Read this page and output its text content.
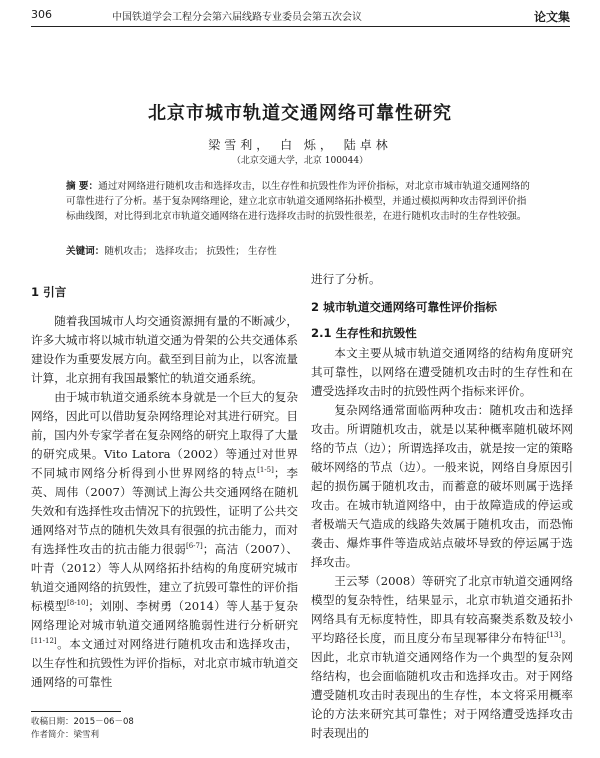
306	中国铁道学会工程分会第六届线路专业委员会第五次会议	论文集
北京市城市轨道交通网络可靠性研究
梁雪利， 白 烁， 陆卓林
（北京交通大学，北京 100044）
摘 要：通过对网络进行随机攻击和选择攻击，以生存性和抗毁性作为评价指标，对北京市城市轨道交通网络的可靠性进行了分析。基于复杂网络理论，建立北京市轨道交通网络拓扑模型，并通过模拟两种攻击得到评价指标曲线图，对比得到北京市轨道交通网络在进行选择攻击时的抗毁性很差，在进行随机攻击时的生存性较强。
关键词：随机攻击； 选择攻击； 抗毁性； 生存性

1 引言

随着我国城市人均交通资源拥有量的不断减少，许多大城市将以城市轨道交通为骨架的公共交通体系建设作为重要发展方向。截至到目前为止，以客流量计算，北京拥有我国最繁忙的轨道交通系统。

由于城市轨道交通系统本身就是一个巨大的复杂网络，因此可以借助复杂网络理论对其进行研究。目前，国内外专家学者在复杂网络的研究上取得了大量的研究成果。Vito Latora（2002）等通过对世界不同城市网络分析得到小世界网络的特点[1-5]；李英、周伟（2007）等测试上海公共交通网络在随机失效和有选择性攻击情况下的抗毁性，证明了公共交通网络对节点的随机失效具有很强的抗击能力，而对有选择性攻击的抗击能力很弱[6-7]；高洁（2007）、叶青（2012）等人从网络拓扑结构的角度研究城市轨道交通网络的抗毁性，建立了抗毁可靠性的评价指标模型[8-10]；刘刚、李树勇（2014）等人基于复杂网络理论对城市轨道交通网络脆弱性进行分析研究[11-12]。本文通过对网络进行随机攻击和选择攻击，以生存性和抗毁性为评价指标，对北京市城市轨道交通网络的可靠性

进行了分析。

2 城市轨道交通网络可靠性评价指标

2.1 生存性和抗毁性

本文主要从城市轨道交通网络的结构角度研究其可靠性，以网络在遭受随机攻击时的生存性和在遭受选择攻击时的抗毁性两个指标来评价。

复杂网络通常面临两种攻击：随机攻击和选择攻击。所谓随机攻击，就是以某种概率随机破坏网络的节点（边）；所谓选择攻击，就是按一定的策略破坏网络的节点（边）。一般来说，网络自身原因引起的损伤属于随机攻击，而蓄意的破坏则属于选择攻击。在城市轨道网络中，由于故障造成的停运或者极端天气造成的线路失效属于随机攻击，而恐怖袭击、爆炸事件等造成站点破坏导致的停运属于选择攻击。

王云琴（2008）等研究了北京市轨道交通网络模型的复杂特性，结果显示，北京市轨道交通拓扑网络具有无标度特性，即具有较高聚类系数及较小平均路径长度，而且度分布呈现幂律分布特征[13]。因此，北京市轨道交通网络作为一个典型的复杂网络结构，也会面临随机攻击和选择攻击。对于网络遭受随机攻击时表现出的生存性，本文将采用概率论的方法来研究其可靠性；对于网络遭受选择攻击时表现出的

收稿日期：2015－06－08
作者简介：梁雪利
